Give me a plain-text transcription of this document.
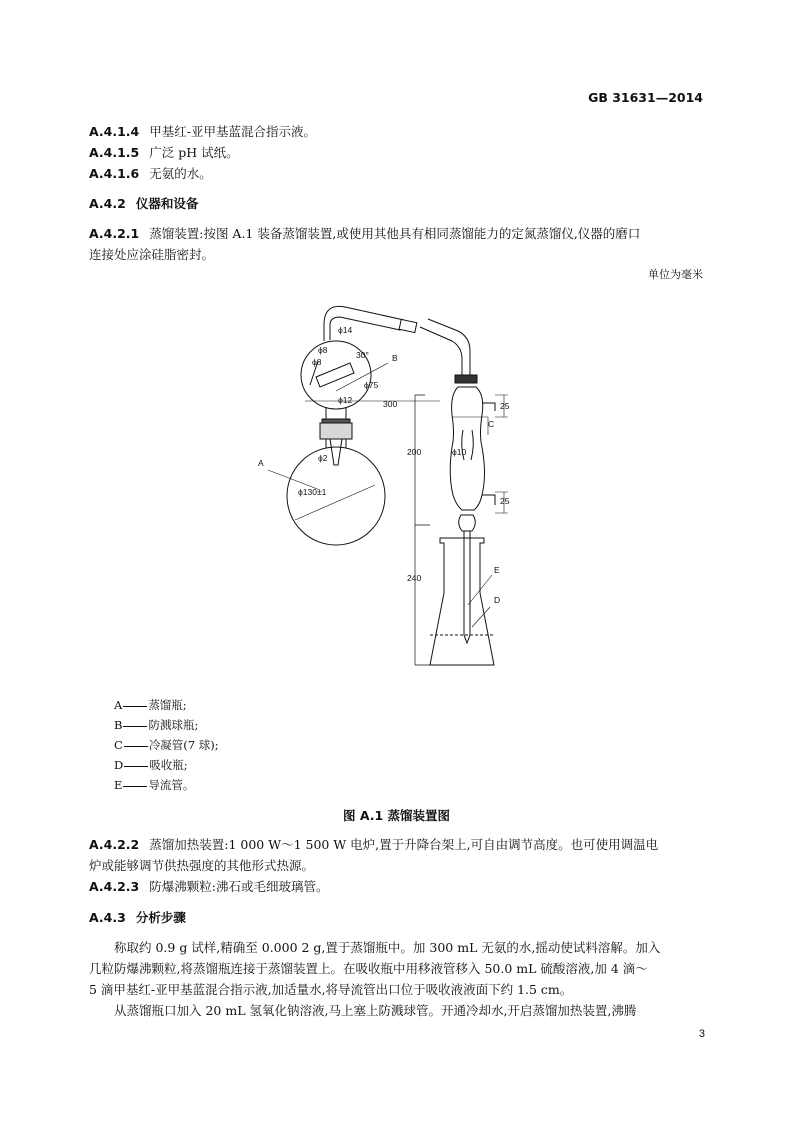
GB 31631—2014
A.4.1.4 甲基红-亚甲基蓝混合指示液。
A.4.1.5 广泛 pH 试纸。
A.4.1.6 无氨的水。
A.4.2 仪器和设备
A.4.2.1 蒸馏装置:按图 A.1 装备蒸馏装置,或使用其他具有相同蒸馏能力的定氮蒸馏仪,仪器的磨口
连接处应涂硅脂密封。
单位为毫米
A
B
C
D
E
ϕ14
ϕ8
ϕ8
30°
ϕ75
ϕ12
ϕ2
ϕ130±1
ϕ10
300
200
240
25
25
A 蒸馏瓶;
B 防溅球瓶;
C 冷凝管(7 球);
D 吸收瓶;
E 导流管。
图 A.1 蒸馏装置图
A.4.2.2 蒸馏加热装置:1 000 W～1 500 W 电炉,置于升降台架上,可自由调节高度。也可使用调温电
炉或能够调节供热强度的其他形式热源。
A.4.2.3 防爆沸颗粒:沸石或毛细玻璃管。
A.4.3 分析步骤
称取约 0.9 g 试样,精确至 0.000 2 g,置于蒸馏瓶中。加 300 mL 无氨的水,摇动使试料溶解。加入
几粒防爆沸颗粒,将蒸馏瓶连接于蒸馏装置上。在吸收瓶中用移液管移入 50.0 mL 硫酸溶液,加 4 滴～
5 滴甲基红-亚甲基蓝混合指示液,加适量水,将导流管出口位于吸收液液面下约 1.5 cm。
从蒸馏瓶口加入 20 mL 氢氧化钠溶液,马上塞上防溅球管。开通冷却水,开启蒸馏加热装置,沸腾
3
